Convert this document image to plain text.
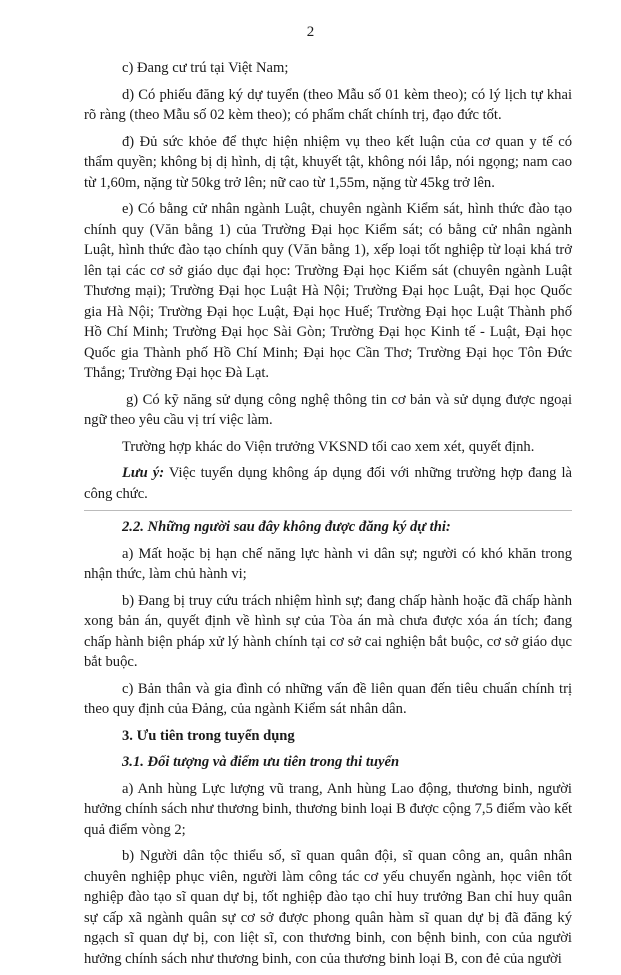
2

c) Đang cư trú tại Việt Nam;

d) Có phiếu đăng ký dự tuyển (theo Mẫu số 01 kèm theo); có lý lịch tự khai rõ ràng (theo Mẫu số 02 kèm theo); có phẩm chất chính trị, đạo đức tốt.

đ) Đủ sức khỏe để thực hiện nhiệm vụ theo kết luận của cơ quan y tế có thẩm quyền; không bị dị hình, dị tật, khuyết tật, không nói lắp, nói ngọng; nam cao từ 1,60m, nặng từ 50kg trở lên; nữ cao từ 1,55m, nặng từ 45kg trở lên.

e) Có bằng cử nhân ngành Luật, chuyên ngành Kiểm sát, hình thức đào tạo chính quy (Văn bằng 1) của Trường Đại học Kiểm sát; có bằng cử nhân ngành Luật, hình thức đào tạo chính quy (Văn bằng 1), xếp loại tốt nghiệp từ loại khá trở lên tại các cơ sở giáo dục đại học: Trường Đại học Kiểm sát (chuyên ngành Luật Thương mại); Trường Đại học Luật Hà Nội; Trường Đại học Luật, Đại học Quốc gia Hà Nội; Trường Đại học Luật, Đại học Huế; Trường Đại học Luật Thành phố Hồ Chí Minh; Trường Đại học Sài Gòn; Trường Đại học Kinh tế - Luật, Đại học Quốc gia Thành phố Hồ Chí Minh; Đại học Cần Thơ; Trường Đại học Tôn Đức Thắng; Trường Đại học Đà Lạt.

g) Có kỹ năng sử dụng công nghệ thông tin cơ bản và sử dụng được ngoại ngữ theo yêu cầu vị trí việc làm.

Trường hợp khác do Viện trưởng VKSND tối cao xem xét, quyết định.

Lưu ý: Việc tuyển dụng không áp dụng đối với những trường hợp đang là công chức.

2.2. Những người sau đây không được đăng ký dự thi:

a) Mất hoặc bị hạn chế năng lực hành vi dân sự; người có khó khăn trong nhận thức, làm chủ hành vi;

b) Đang bị truy cứu trách nhiệm hình sự; đang chấp hành hoặc đã chấp hành xong bản án, quyết định về hình sự của Tòa án mà chưa được xóa án tích; đang chấp hành biện pháp xử lý hành chính tại cơ sở cai nghiện bắt buộc, cơ sở giáo dục bắt buộc.

c) Bản thân và gia đình có những vấn đề liên quan đến tiêu chuẩn chính trị theo quy định của Đảng, của ngành Kiểm sát nhân dân.

3. Ưu tiên trong tuyển dụng

3.1. Đối tượng và điểm ưu tiên trong thi tuyển

a) Anh hùng Lực lượng vũ trang, Anh hùng Lao động, thương binh, người hưởng chính sách như thương binh, thương binh loại B được cộng 7,5 điểm vào kết quả điểm vòng 2;

b) Người dân tộc thiểu số, sĩ quan quân đội, sĩ quan công an, quân nhân chuyên nghiệp phục viên, người làm công tác cơ yếu chuyển ngành, học viên tốt nghiệp đào tạo sĩ quan dự bị, tốt nghiệp đào tạo chỉ huy trưởng Ban chỉ huy quân sự cấp xã ngành quân sự cơ sở được phong quân hàm sĩ quan dự bị đã đăng ký ngạch sĩ quan dự bị, con liệt sĩ, con thương binh, con bệnh binh, con của người hưởng chính sách như thương binh, con của thương binh loại B, con đẻ của người
